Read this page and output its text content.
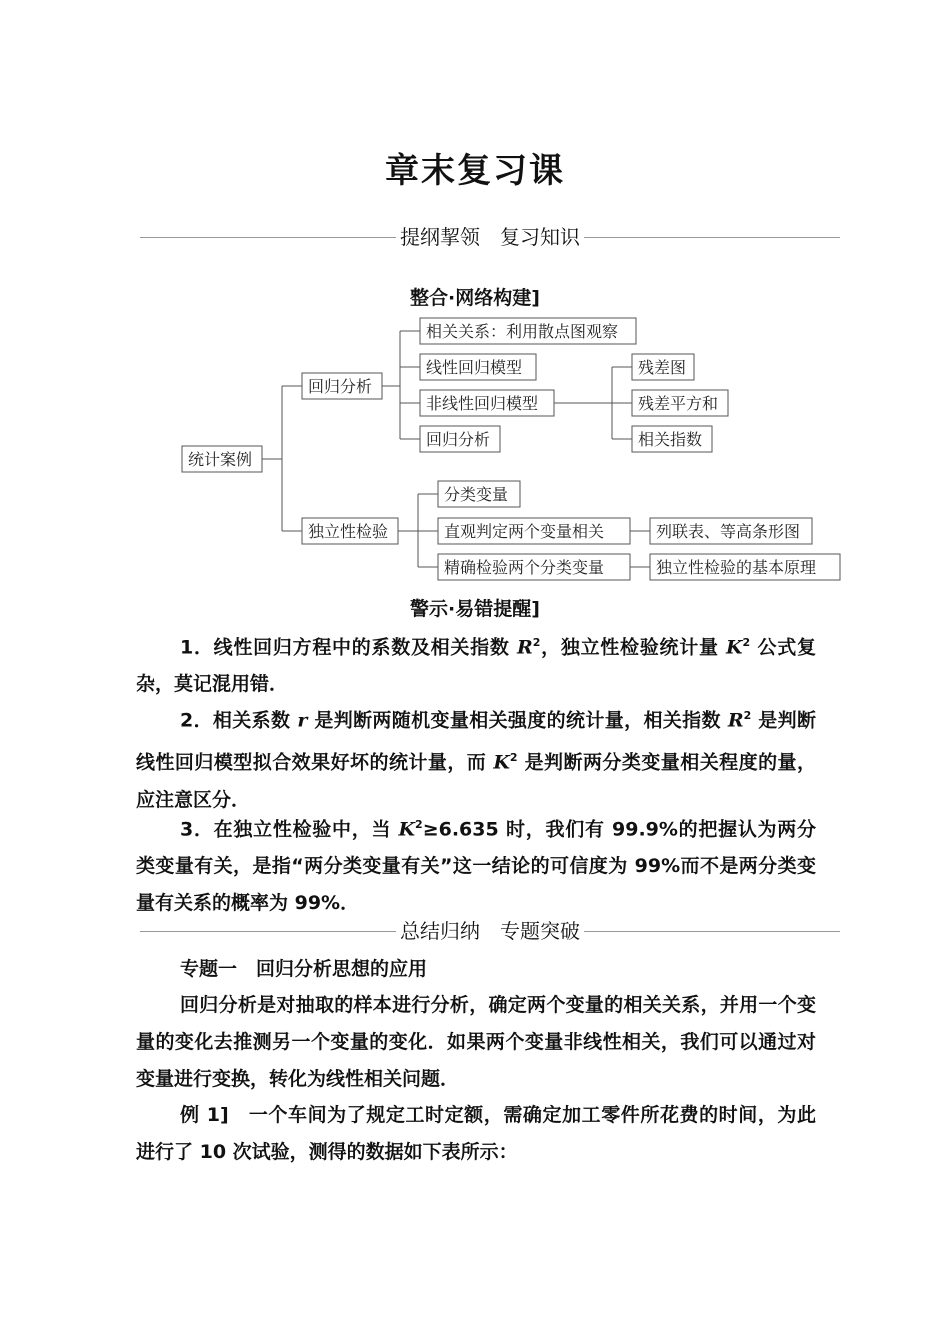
章末复习课
提纲挈领　复习知识
整合·网络构建]
统计案例
回归分析
独立性检验
相关关系：利用散点图观察
线性回归模型
非线性回归模型
回归分析
残差图
残差平方和
相关指数
分类变量
直观判定两个变量相关
精确检验两个分类变量
列联表、等高条形图
独立性检验的基本原理
警示·易错提醒]
1．线性回归方程中的系数及相关指数 $R^2$，独立性检验统计量 $K^2$ 公式复杂，莫记混用错．
2．相关系数 r 是判断两随机变量相关强度的统计量，相关指数 $R^2$ 是判断线性回归模型拟合效果好坏的统计量，而 $K^2$ 是判断两分类变量相关程度的量，应注意区分．
3．在独立性检验中，当 $K^2\ge 6.635$ 时，我们有 99.9%的把握认为两分类变量有关，是指“两分类变量有关”这一结论的可信度为 99%而不是两分类变量有关系的概率为 99%．
总结归纳　专题突破
专题一　回归分析思想的应用
回归分析是对抽取的样本进行分析，确定两个变量的相关关系，并用一个变量的变化去推测另一个变量的变化．如果两个变量非线性相关，我们可以通过对变量进行变换，转化为线性相关问题．
例 1]　一个车间为了规定工时定额，需确定加工零件所花费的时间，为此进行了 10 次试验，测得的数据如下表所示：
